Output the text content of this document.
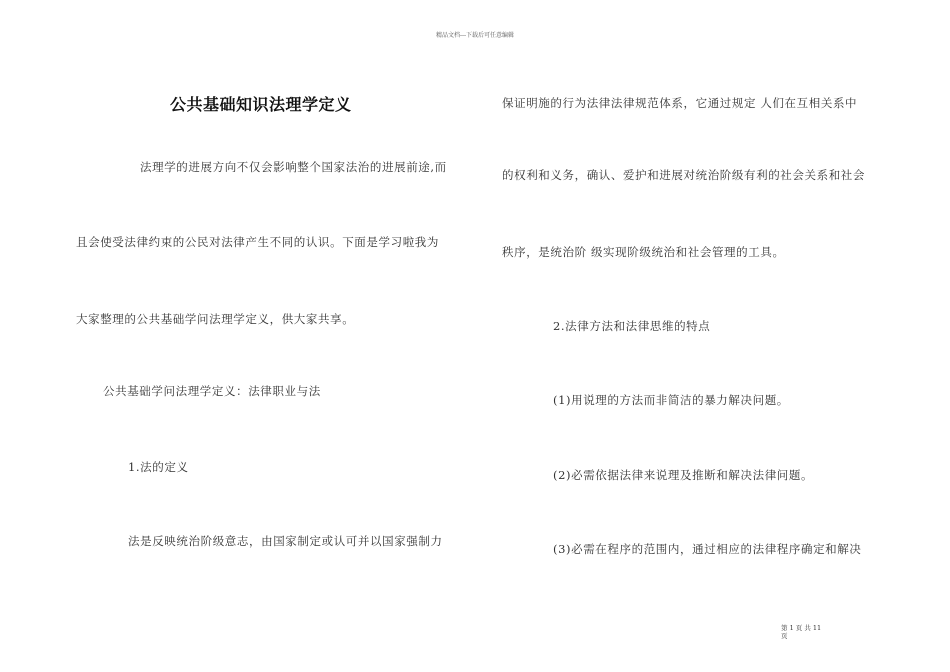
精品文档---下载后可任意编辑
公共基础知识法理学定义
法理学的进展方向不仅会影响整个国家法治的进展前途,而
且会使受法律约束的公民对法律产生不同的认识。下面是学习啦我为
大家整理的公共基础学问法理学定义，供大家共享。
公共基础学问法理学定义：法律职业与法
1.法的定义
法是反映统治阶级意志，由国家制定或认可并以国家强制力
保证明施的行为法律法律规范体系，它通过规定 人们在互相关系中
的权利和义务，确认、爱护和进展对统治阶级有利的社会关系和社会
秩序，是统治阶 级实现阶级统治和社会管理的工具。
2.法律方法和法律思维的特点
(1)用说理的方法而非简洁的暴力解决问题。
(2)必需依据法律来说理及推断和解决法律问题。
(3)必需在程序的范围内，通过相应的法律程序确定和解决
第 1 页 共 11
页
